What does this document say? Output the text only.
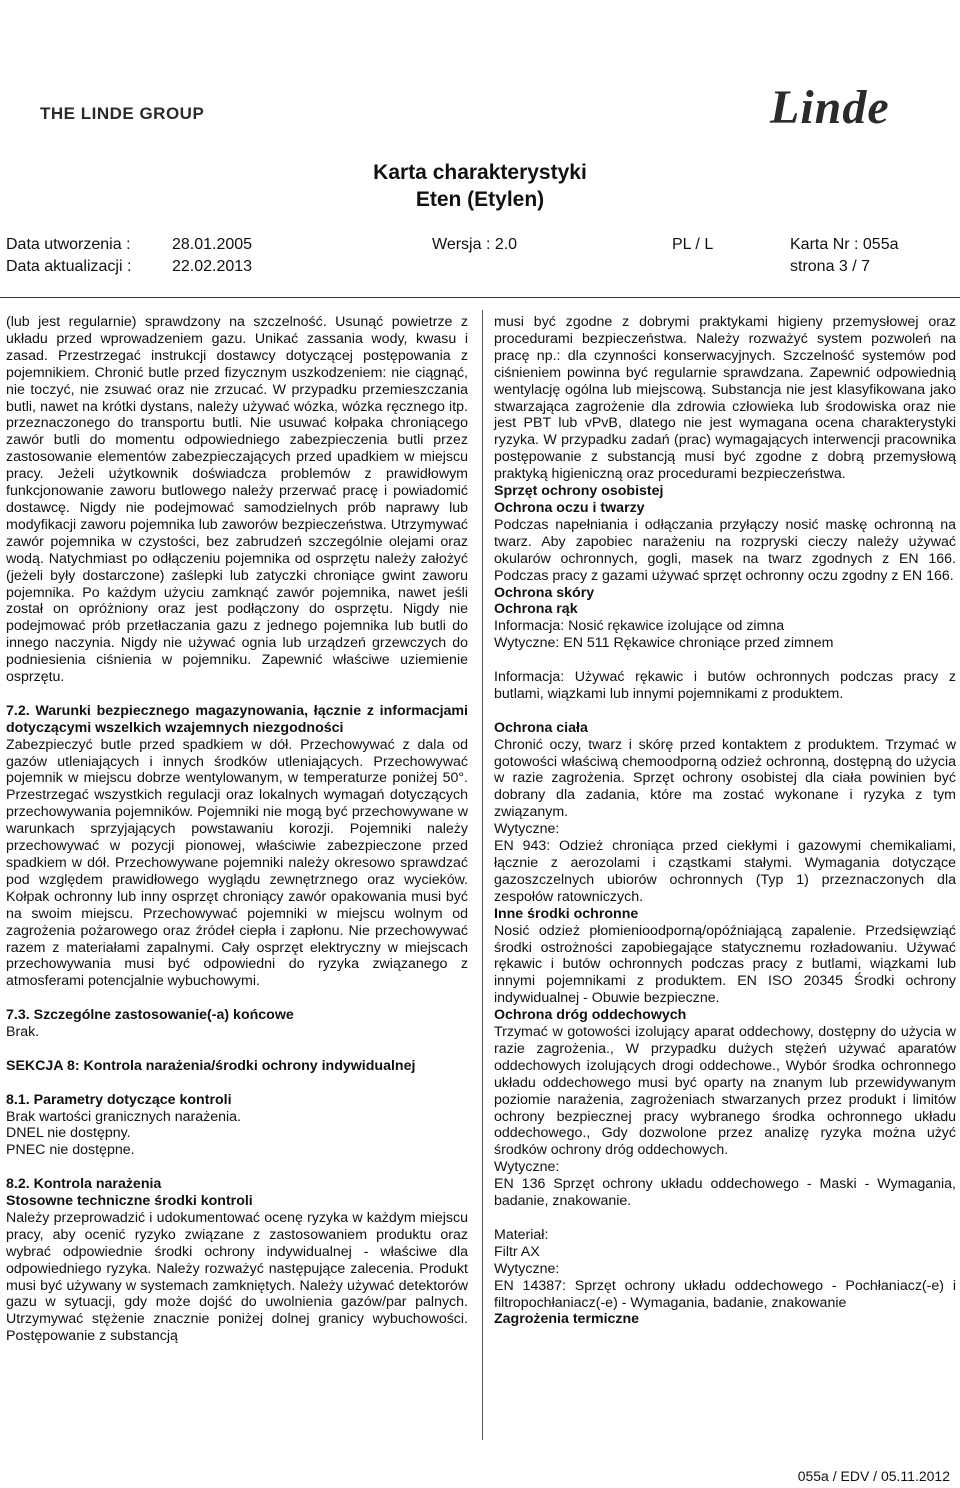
THE LINDE GROUP	Linde
Karta charakterystyki
Eten (Etylen)
Data utworzenia :	28.01.2005	Wersja : 2.0	PL / L	Karta Nr : 055a
Data aktualizacji :	22.02.2013	strona 3 / 7

(lub jest regularnie) sprawdzony na szczelność. Usunąć powietrze z układu przed wprowadzeniem gazu. Unikać zassania wody, kwasu i zasad. Przestrzegać instrukcji dostawcy dotyczącej postępowania z pojemnikiem. Chronić butle przed fizycznym uszkodzeniem: nie ciągnąć, nie toczyć, nie zsuwać oraz nie zrzucać. W przypadku przemieszczania butli, nawet na krótki dystans, należy używać wózka, wózka ręcznego itp. przeznaczonego do transportu butli. Nie usuwać kołpaka chroniącego zawór butli do momentu odpowiedniego zabezpieczenia butli przez zastosowanie elementów zabezpieczających przed upadkiem w miejscu pracy. Jeżeli użytkownik doświadcza problemów z prawidłowym funkcjonowanie zaworu butlowego należy przerwać pracę i powiadomić dostawcę. Nigdy nie podejmować samodzielnych prób naprawy lub modyfikacji zaworu pojemnika lub zaworów bezpieczeństwa. Utrzymywać zawór pojemnika w czystości, bez zabrudzeń szczególnie olejami oraz wodą. Natychmiast po odłączeniu pojemnika od osprzętu należy założyć (jeżeli były dostarczone) zaślepki lub zatyczki chroniące gwint zaworu pojemnika. Po każdym użyciu zamknąć zawór pojemnika, nawet jeśli został on opróżniony oraz jest podłączony do osprzętu. Nigdy nie podejmować prób przetłaczania gazu z jednego pojemnika lub butli do innego naczynia. Nigdy nie używać ognia lub urządzeń grzewczych do podniesienia ciśnienia w pojemniku. Zapewnić właściwe uziemienie osprzętu.

7.2. Warunki bezpiecznego magazynowania, łącznie z informacjami dotyczącymi wszelkich wzajemnych niezgodności

Zabezpieczyć butle przed spadkiem w dół. Przechowywać z dala od gazów utleniających i innych środków utleniających. Przechowywać pojemnik w miejscu dobrze wentylowanym, w temperaturze poniżej 50°. Przestrzegać wszystkich regulacji oraz lokalnych wymagań dotyczących przechowywania pojemników. Pojemniki nie mogą być przechowywane w warunkach sprzyjających powstawaniu korozji. Pojemniki należy przechowywać w pozycji pionowej, właściwie zabezpieczone przed spadkiem w dół. Przechowywane pojemniki należy okresowo sprawdzać pod względem prawidłowego wyglądu zewnętrznego oraz wycieków. Kołpak ochronny lub inny osprzęt chroniący zawór opakowania musi być na swoim miejscu. Przechowywać pojemniki w miejscu wolnym od zagrożenia pożarowego oraz źródeł ciepła i zapłonu. Nie przechowywać razem z materiałami zapalnymi. Cały osprzęt elektryczny w miejscach przechowywania musi być odpowiedni do ryzyka związanego z atmosferami potencjalnie wybuchowymi.

7.3. Szczególne zastosowanie(-a) końcowe

Brak.

SEKCJA 8: Kontrola narażenia/środki ochrony indywidualnej

8.1. Parametry dotyczące kontroli

Brak wartości granicznych narażenia.

DNEL nie dostępny.

PNEC nie dostępne.

8.2. Kontrola narażenia

Stosowne techniczne środki kontroli

Należy przeprowadzić i udokumentować ocenę ryzyka w każdym miejscu pracy, aby ocenić ryzyko związane z zastosowaniem produktu oraz wybrać odpowiednie środki ochrony indywidualnej - właściwe dla odpowiedniego ryzyka. Należy rozważyć następujące zalecenia. Produkt musi być używany w systemach zamkniętych. Należy używać detektorów gazu w sytuacji, gdy może dojść do uwolnienia gazów/par palnych. Utrzymywać stężenie znacznie poniżej dolnej granicy wybuchowości. Postępowanie z substancją

musi być zgodne z dobrymi praktykami higieny przemysłowej oraz procedurami bezpieczeństwa. Należy rozważyć system pozwoleń na pracę np.: dla czynności konserwacyjnych. Szczelność systemów pod ciśnieniem powinna być regularnie sprawdzana. Zapewnić odpowiednią wentylację ogólna lub miejscową. Substancja nie jest klasyfikowana jako stwarzająca zagrożenie dla zdrowia człowieka lub środowiska oraz nie jest PBT lub vPvB, dlatego nie jest wymagana ocena charakterystyki ryzyka. W przypadku zadań (prac) wymagających interwencji pracownika postępowanie z substancją musi być zgodne z dobrą przemysłową praktyką higieniczną oraz procedurami bezpieczeństwa.

Sprzęt ochrony osobistej

Ochrona oczu i twarzy

Podczas napełniania i odłączania przyłączy nosić maskę ochronną na twarz. Aby zapobiec narażeniu na rozpryski cieczy należy używać okularów ochronnych, gogli, masek na twarz zgodnych z EN 166. Podczas pracy z gazami używać sprzęt ochronny oczu zgodny z EN 166.

Ochrona skóry

Ochrona rąk

Informacja: Nosić rękawice izolujące od zimna

Wytyczne: EN 511 Rękawice chroniące przed zimnem

Informacja: Używać rękawic i butów ochronnych podczas pracy z butlami, wiązkami lub innymi pojemnikami z produktem.

Ochrona ciała

Chronić oczy, twarz i skórę przed kontaktem z produktem. Trzymać w gotowości właściwą chemoodporną odzież ochronną, dostępną do użycia w razie zagrożenia. Sprzęt ochrony osobistej dla ciała powinien być dobrany dla zadania, które ma zostać wykonane i ryzyka z tym związanym.

Wytyczne:

EN 943: Odzież chroniąca przed ciekłymi i gazowymi chemikaliami, łącznie z aerozolami i cząstkami stałymi. Wymagania dotyczące gazoszczelnych ubiorów ochronnych (Typ 1) przeznaczonych dla zespołów ratowniczych.

Inne środki ochronne

Nosić odzież płomienioodporną/opóźniającą zapalenie. Przedsięwziąć środki ostrożności zapobiegające statycznemu rozładowaniu. Używać rękawic i butów ochronnych podczas pracy z butlami, wiązkami lub innymi pojemnikami z produktem. EN ISO 20345 Środki ochrony indywidualnej - Obuwie bezpieczne.

Ochrona dróg oddechowych

Trzymać w gotowości izolujący aparat oddechowy, dostępny do użycia w razie zagrożenia., W przypadku dużych stężeń używać aparatów oddechowych izolujących drogi oddechowe., Wybór środka ochronnego układu oddechowego musi być oparty na znanym lub przewidywanym poziomie narażenia, zagrożeniach stwarzanych przez produkt i limitów ochrony bezpiecznej pracy wybranego środka ochronnego układu oddechowego., Gdy dozwolone przez analizę ryzyka można użyć środków ochrony dróg oddechowych.

Wytyczne:

EN 136 Sprzęt ochrony układu oddechowego - Maski - Wymagania, badanie, znakowanie.

Materiał:

Filtr AX

Wytyczne:

EN 14387: Sprzęt ochrony układu oddechowego - Pochłaniacz(-e) i filtropochłaniacz(-e) - Wymagania, badanie, znakowanie

Zagrożenia termiczne

055a / EDV / 05.11.2012
